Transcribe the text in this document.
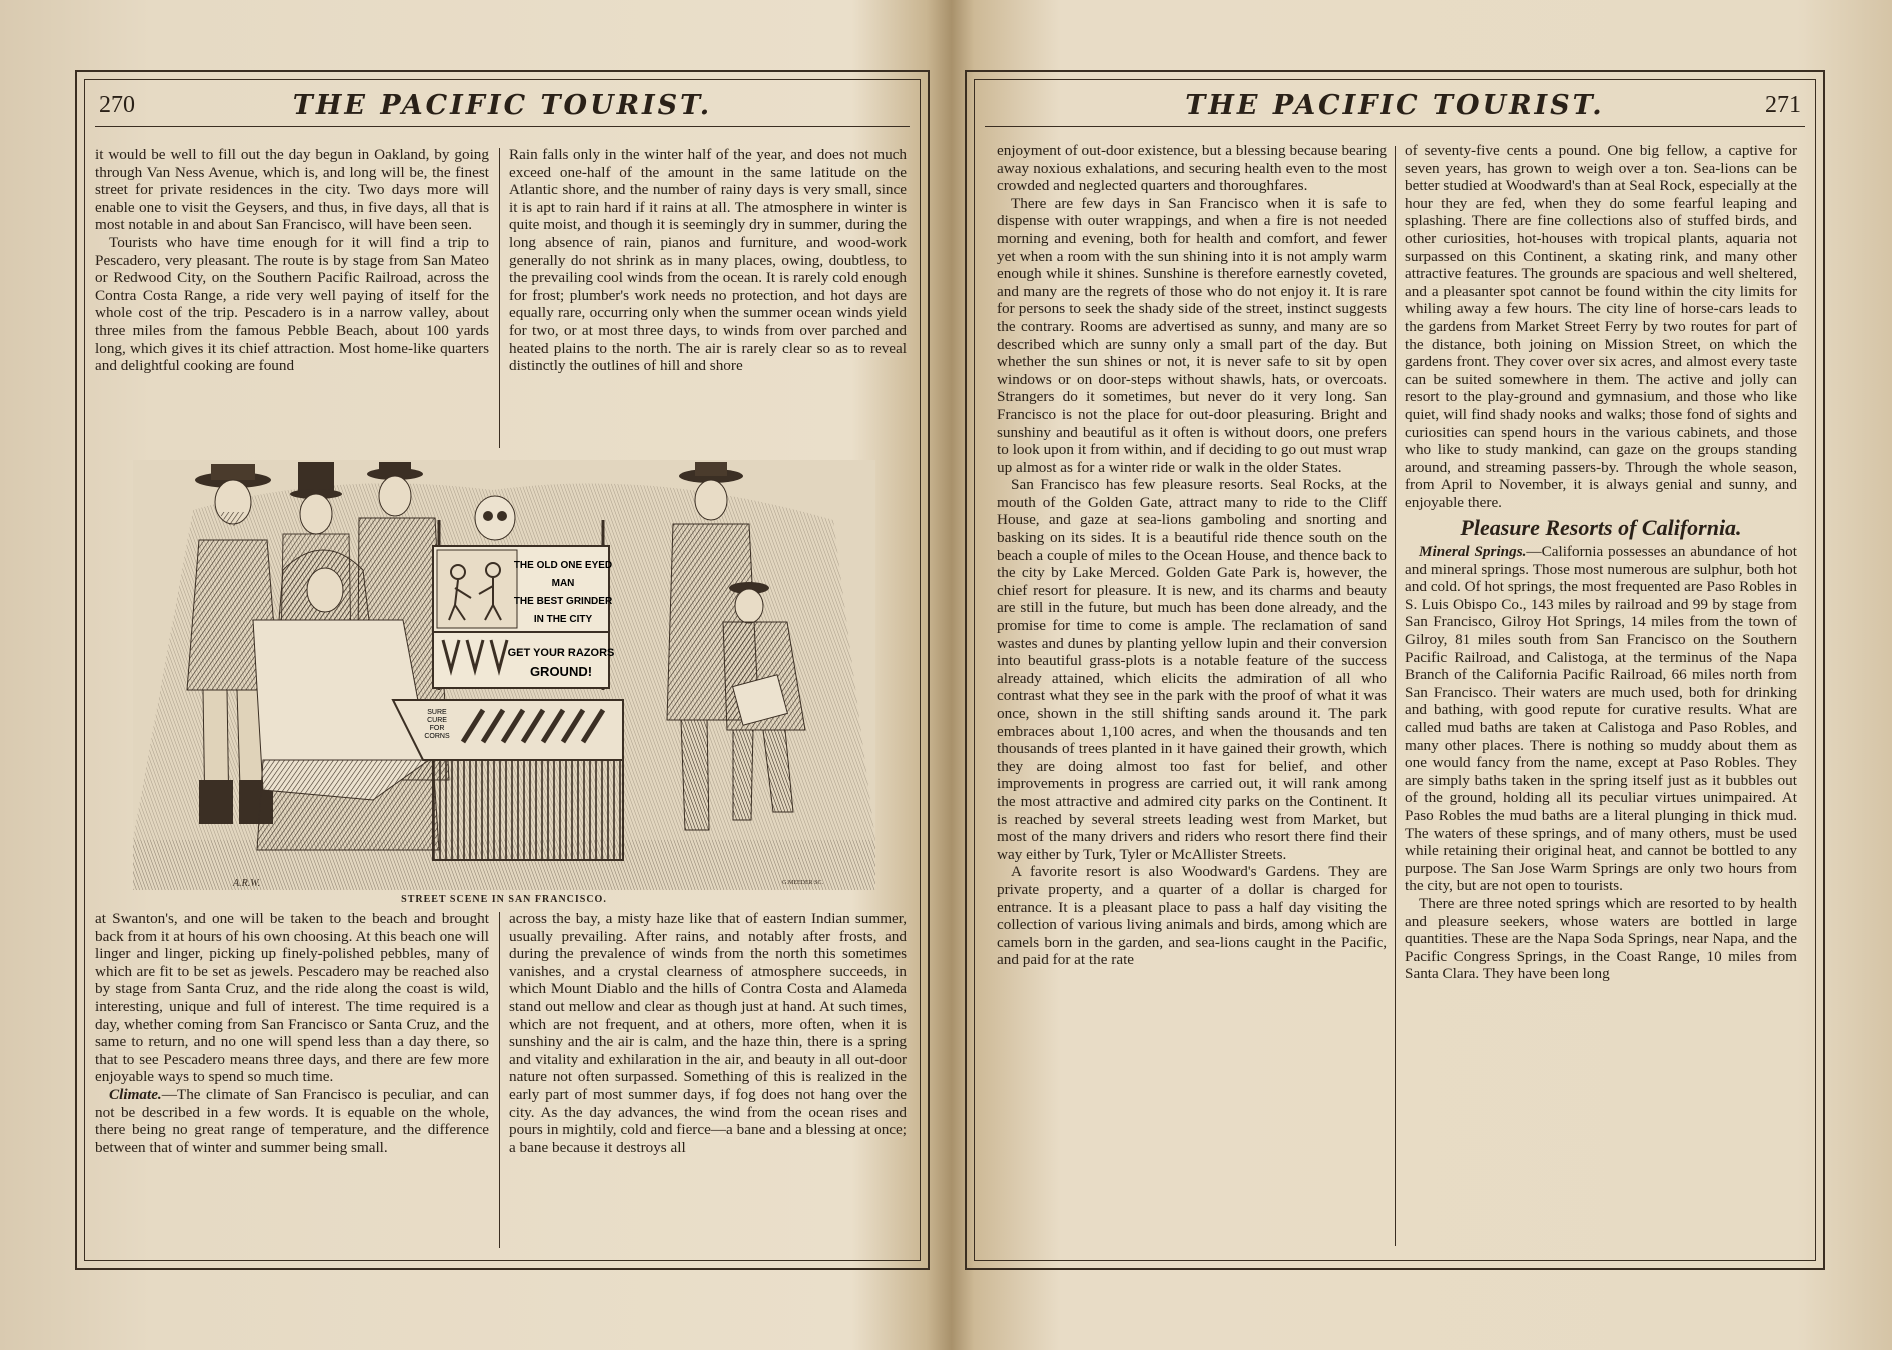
270	THE PACIFIC TOURIST.

it would be well to fill out the day begun in Oakland, by going through Van Ness Avenue, which is, and long will be, the finest street for private residences in the city. Two days more will enable one to visit the Geysers, and thus, in five days, all that is most notable in and about San Francisco, will have been seen.

Tourists who have time enough for it will find a trip to Pescadero, very pleasant. The route is by stage from San Mateo or Redwood City, on the Southern Pacific Railroad, across the Contra Costa Range, a ride very well paying of itself for the whole cost of the trip. Pescadero is in a narrow valley, about three miles from the famous Pebble Beach, about 100 yards long, which gives it its chief attraction. Most home-like quarters and delightful cooking are found

Rain falls only in the winter half of the year, and does not much exceed one-half of the amount in the same latitude on the Atlantic shore, and the number of rainy days is very small, since it is apt to rain hard if it rains at all. The atmosphere in winter is quite moist, and though it is seemingly dry in summer, during the long absence of rain, pianos and furniture, and wood-work generally do not shrink as in many places, owing, doubtless, to the prevailing cool winds from the ocean. It is rarely cold enough for frost; plumber's work needs no protection, and hot days are equally rare, occurring only when the summer ocean winds yield for two, or at most three days, to winds from over parched and heated plains to the north. The air is rarely clear so as to reveal distinctly the outlines of hill and shore

THE OLD ONE EYED
MAN
THE BEST GRINDER
IN THE CITY
GET YOUR RAZORS
GROUND!
SURE
CURE
FOR
CORNS
A.R.W.	G.MEEDER SC.
STREET SCENE IN SAN FRANCISCO.

at Swanton's, and one will be taken to the beach and brought back from it at hours of his own choosing. At this beach one will linger and linger, picking up finely-polished pebbles, many of which are fit to be set as jewels. Pescadero may be reached also by stage from Santa Cruz, and the ride along the coast is wild, interesting, unique and full of interest. The time required is a day, whether coming from San Francisco or Santa Cruz, and the same to return, and no one will spend less than a day there, so that to see Pescadero means three days, and there are few more enjoyable ways to spend so much time.

Climate.—The climate of San Francisco is peculiar, and can not be described in a few words. It is equable on the whole, there being no great range of temperature, and the difference between that of winter and summer being small.

across the bay, a misty haze like that of eastern Indian summer, usually prevailing. After rains, and notably after frosts, and during the prevalence of winds from the north this sometimes vanishes, and a crystal clearness of atmosphere succeeds, in which Mount Diablo and the hills of Contra Costa and Alameda stand out mellow and clear as though just at hand. At such times, which are not frequent, and at others, more often, when it is sunshiny and the air is calm, and the haze thin, there is a spring and vitality and exhilaration in the air, and beauty in all out-door nature not often surpassed. Something of this is realized in the early part of most summer days, if fog does not hang over the city. As the day advances, the wind from the ocean rises and pours in mightily, cold and fierce—a bane and a blessing at once; a bane because it destroys all

THE PACIFIC TOURIST.	271

enjoyment of out-door existence, but a blessing because bearing away noxious exhalations, and securing health even to the most crowded and neglected quarters and thoroughfares.

There are few days in San Francisco when it is safe to dispense with outer wrappings, and when a fire is not needed morning and evening, both for health and comfort, and fewer yet when a room with the sun shining into it is not amply warm enough while it shines. Sunshine is therefore earnestly coveted, and many are the regrets of those who do not enjoy it. It is rare for persons to seek the shady side of the street, instinct suggests the contrary. Rooms are advertised as sunny, and many are so described which are sunny only a small part of the day. But whether the sun shines or not, it is never safe to sit by open windows or on door-steps without shawls, hats, or overcoats. Strangers do it sometimes, but never do it very long. San Francisco is not the place for out-door pleasuring. Bright and sunshiny and beautiful as it often is without doors, one prefers to look upon it from within, and if deciding to go out must wrap up almost as for a winter ride or walk in the older States.

San Francisco has few pleasure resorts. Seal Rocks, at the mouth of the Golden Gate, attract many to ride to the Cliff House, and gaze at sea-lions gamboling and snorting and basking on its sides. It is a beautiful ride thence south on the beach a couple of miles to the Ocean House, and thence back to the city by Lake Merced. Golden Gate Park is, however, the chief resort for pleasure. It is new, and its charms and beauty are still in the future, but much has been done already, and the promise for time to come is ample. The reclamation of sand wastes and dunes by planting yellow lupin and their conversion into beautiful grass-plots is a notable feature of the success already attained, which elicits the admiration of all who contrast what they see in the park with the proof of what it was once, shown in the still shifting sands around it. The park embraces about 1,100 acres, and when the thousands and ten thousands of trees planted in it have gained their growth, which they are doing almost too fast for belief, and other improvements in progress are carried out, it will rank among the most attractive and admired city parks on the Continent. It is reached by several streets leading west from Market, but most of the many drivers and riders who resort there find their way either by Turk, Tyler or McAllister Streets.

A favorite resort is also Woodward's Gardens. They are private property, and a quarter of a dollar is charged for entrance. It is a pleasant place to pass a half day visiting the collection of various living animals and birds, among which are camels born in the garden, and sea-lions caught in the Pacific, and paid for at the rate

of seventy-five cents a pound. One big fellow, a captive for seven years, has grown to weigh over a ton. Sea-lions can be better studied at Woodward's than at Seal Rock, especially at the hour they are fed, when they do some fearful leaping and splashing. There are fine collections also of stuffed birds, and other curiosities, hot-houses with tropical plants, aquaria not surpassed on this Continent, a skating rink, and many other attractive features. The grounds are spacious and well sheltered, and a pleasanter spot cannot be found within the city limits for whiling away a few hours. The city line of horse-cars leads to the gardens from Market Street Ferry by two routes for part of the distance, both joining on Mission Street, on which the gardens front. They cover over six acres, and almost every taste can be suited somewhere in them. The active and jolly can resort to the play-ground and gymnasium, and those who like quiet, will find shady nooks and walks; those fond of sights and curiosities can spend hours in the various cabinets, and those who like to study mankind, can gaze on the groups standing around, and streaming passers-by. Through the whole season, from April to November, it is always genial and sunny, and enjoyable there.

Pleasure Resorts of California.

Mineral Springs.—California possesses an abundance of hot and mineral springs. Those most numerous are sulphur, both hot and cold. Of hot springs, the most frequented are Paso Robles in S. Luis Obispo Co., 143 miles by railroad and 99 by stage from San Francisco, Gilroy Hot Springs, 14 miles from the town of Gilroy, 81 miles south from San Francisco on the Southern Pacific Railroad, and Calistoga, at the terminus of the Napa Branch of the California Pacific Railroad, 66 miles north from San Francisco. Their waters are much used, both for drinking and bathing, with good repute for curative results. What are called mud baths are taken at Calistoga and Paso Robles, and many other places. There is nothing so muddy about them as one would fancy from the name, except at Paso Robles. They are simply baths taken in the spring itself just as it bubbles out of the ground, holding all its peculiar virtues unimpaired. At Paso Robles the mud baths are a literal plunging in thick mud. The waters of these springs, and of many others, must be used while retaining their original heat, and cannot be bottled to any purpose. The San Jose Warm Springs are only two hours from the city, but are not open to tourists.

There are three noted springs which are resorted to by health and pleasure seekers, whose waters are bottled in large quantities. These are the Napa Soda Springs, near Napa, and the Pacific Congress Springs, in the Coast Range, 10 miles from Santa Clara. They have been long
